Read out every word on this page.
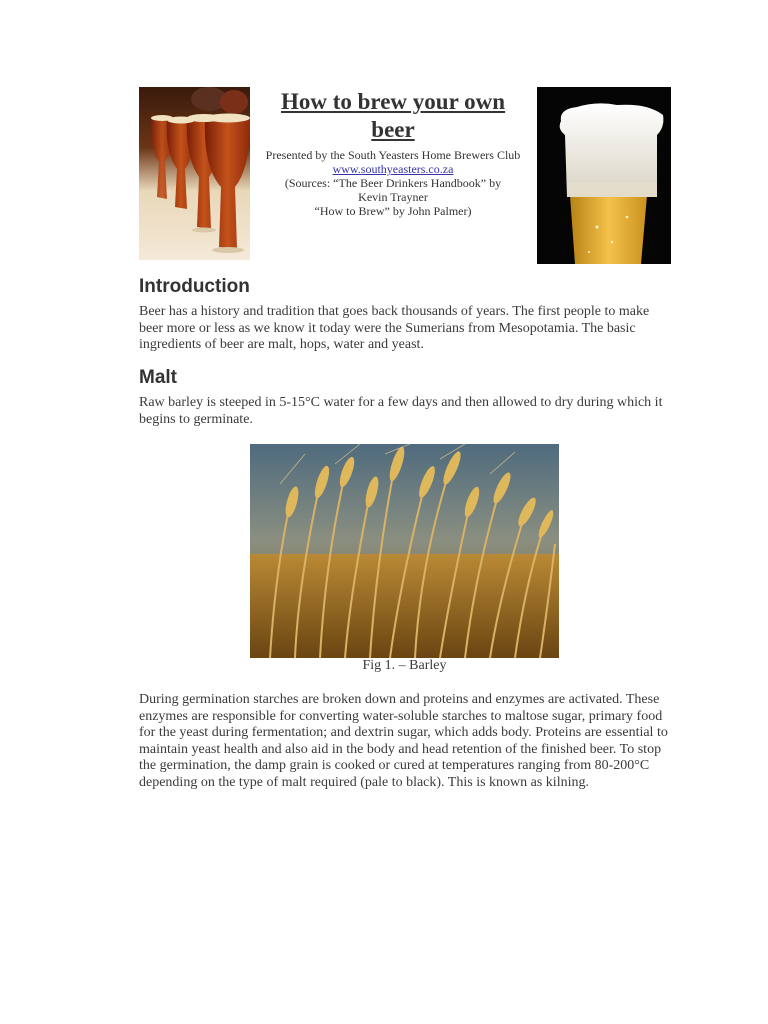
How to brew your own beer
Presented by the South Yeasters Home Brewers Club
www.southyeasters.co.za
(Sources: “The Beer Drinkers Handbook” by Kevin Trayner
“How to Brew” by John Palmer)
Introduction

Beer has a history and tradition that goes back thousands of years. The first people to make beer more or less as we know it today were the Sumerians from Mesopotamia. The basic ingredients of beer are malt, hops, water and yeast.

Malt

Raw barley is steeped in 5-15°C water for a few days and then allowed to dry during which it begins to germinate.

Fig 1. – Barley

During germination starches are broken down and proteins and enzymes are activated. These enzymes are responsible for converting water-soluble starches to maltose sugar, primary food for the yeast during fermentation; and dextrin sugar, which adds body. Proteins are essential to maintain yeast health and also aid in the body and head retention of the finished beer. To stop the germination, the damp grain is cooked or cured at temperatures ranging from 80-200°C depending on the type of malt required (pale to black). This is known as kilning.
